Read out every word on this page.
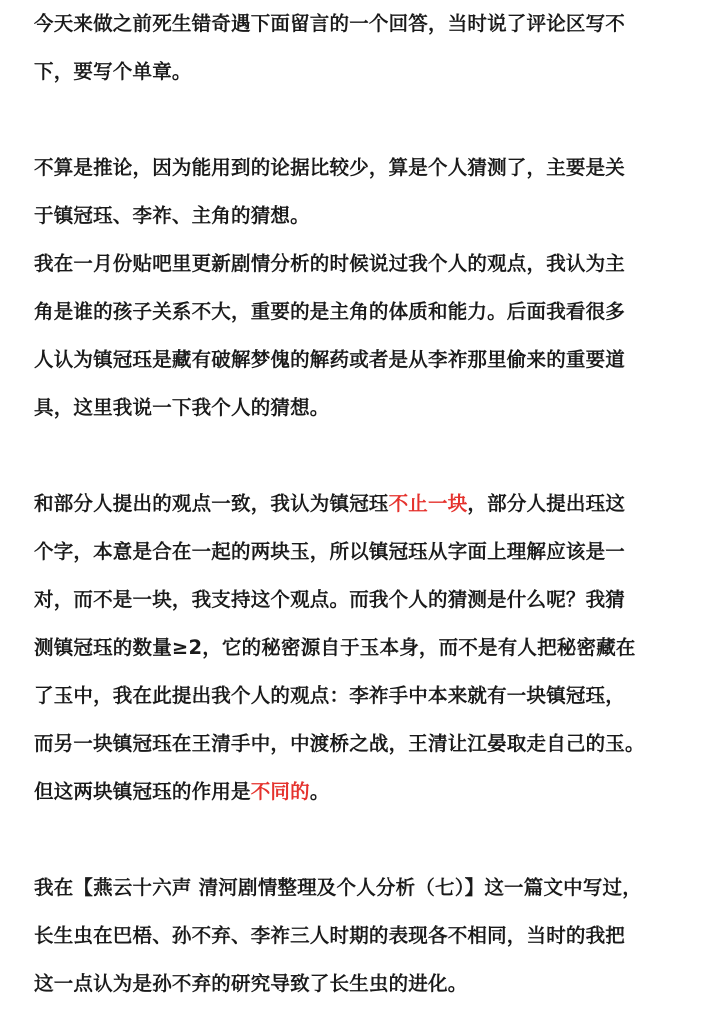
今天来做之前死生错奇遇下面留言的一个回答，当时说了评论区写不
下，要写个单章。

不算是推论，因为能用到的论据比较少，算是个人猜测了，主要是关
于镇冠珏、李祚、主角的猜想。

我在一月份贴吧里更新剧情分析的时候说过我个人的观点，我认为主
角是谁的孩子关系不大，重要的是主角的体质和能力。后面我看很多
人认为镇冠珏是藏有破解梦傀的解药或者是从李祚那里偷来的重要道
具，这里我说一下我个人的猜想。

和部分人提出的观点一致，我认为镇冠珏不止一块，部分人提出珏这
个字，本意是合在一起的两块玉，所以镇冠珏从字面上理解应该是一
对，而不是一块，我支持这个观点。而我个人的猜测是什么呢？我猜
测镇冠珏的数量≥2，它的秘密源自于玉本身，而不是有人把秘密藏在
了玉中，我在此提出我个人的观点：李祚手中本来就有一块镇冠珏，
而另一块镇冠珏在王清手中，中渡桥之战，王清让江晏取走自己的玉。
但这两块镇冠珏的作用是不同的。

我在【燕云十六声 清河剧情整理及个人分析（七）】这一篇文中写过，
长生虫在巴梧、孙不弃、李祚三人时期的表现各不相同，当时的我把
这一点认为是孙不弃的研究导致了长生虫的进化。
